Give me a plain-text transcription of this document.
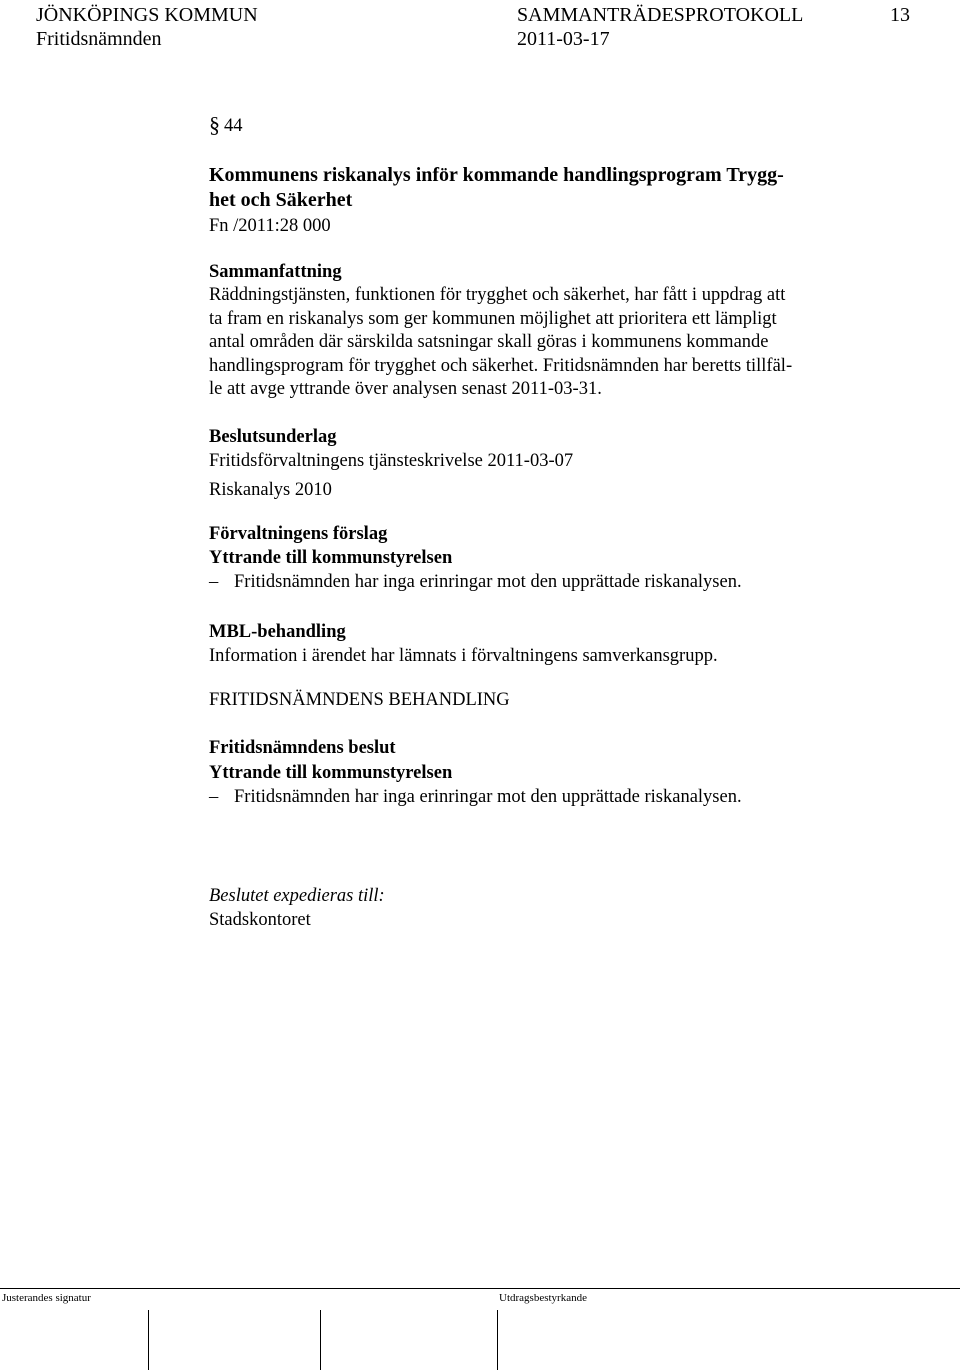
JÖNKÖPINGS KOMMUN	SAMMANTRÄDESPROTOKOLL	13
Fritidsnämnden	2011-03-17
§ 44
Kommunens riskanalys inför kommande handlingsprogram Trygg-
het och Säkerhet
Fn /2011:28 000
Sammanfattning
Räddningstjänsten, funktionen för trygghet och säkerhet, har fått i uppdrag att
ta fram en riskanalys som ger kommunen möjlighet att prioritera ett lämpligt
antal områden där särskilda satsningar skall göras i kommunens kommande
handlingsprogram för trygghet och säkerhet. Fritidsnämnden har beretts tillfäl-
le att avge yttrande över analysen senast 2011-03-31.
Beslutsunderlag
Fritidsförvaltningens tjänsteskrivelse 2011-03-07
Riskanalys 2010
Förvaltningens förslag
Yttrande till kommunstyrelsen
– Fritidsnämnden har inga erinringar mot den upprättade riskanalysen.
MBL-behandling
Information i ärendet har lämnats i förvaltningens samverkansgrupp.
FRITIDSNÄMNDENS BEHANDLING
Fritidsnämndens beslut
Yttrande till kommunstyrelsen
– Fritidsnämnden har inga erinringar mot den upprättade riskanalysen.
Beslutet expedieras till:
Stadskontoret
Justerandes signatur	Utdragsbestyrkande
